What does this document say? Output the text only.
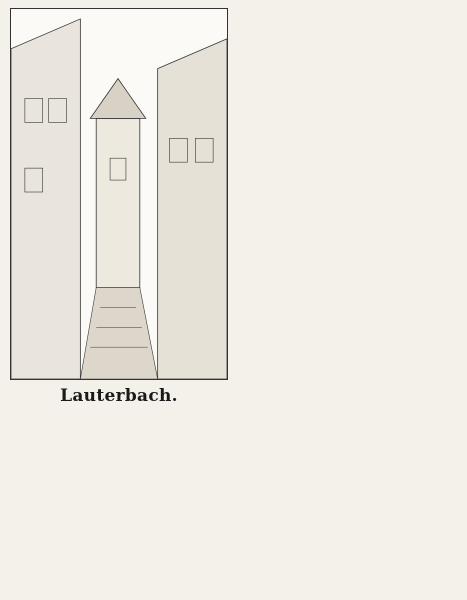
Lauterbach.
